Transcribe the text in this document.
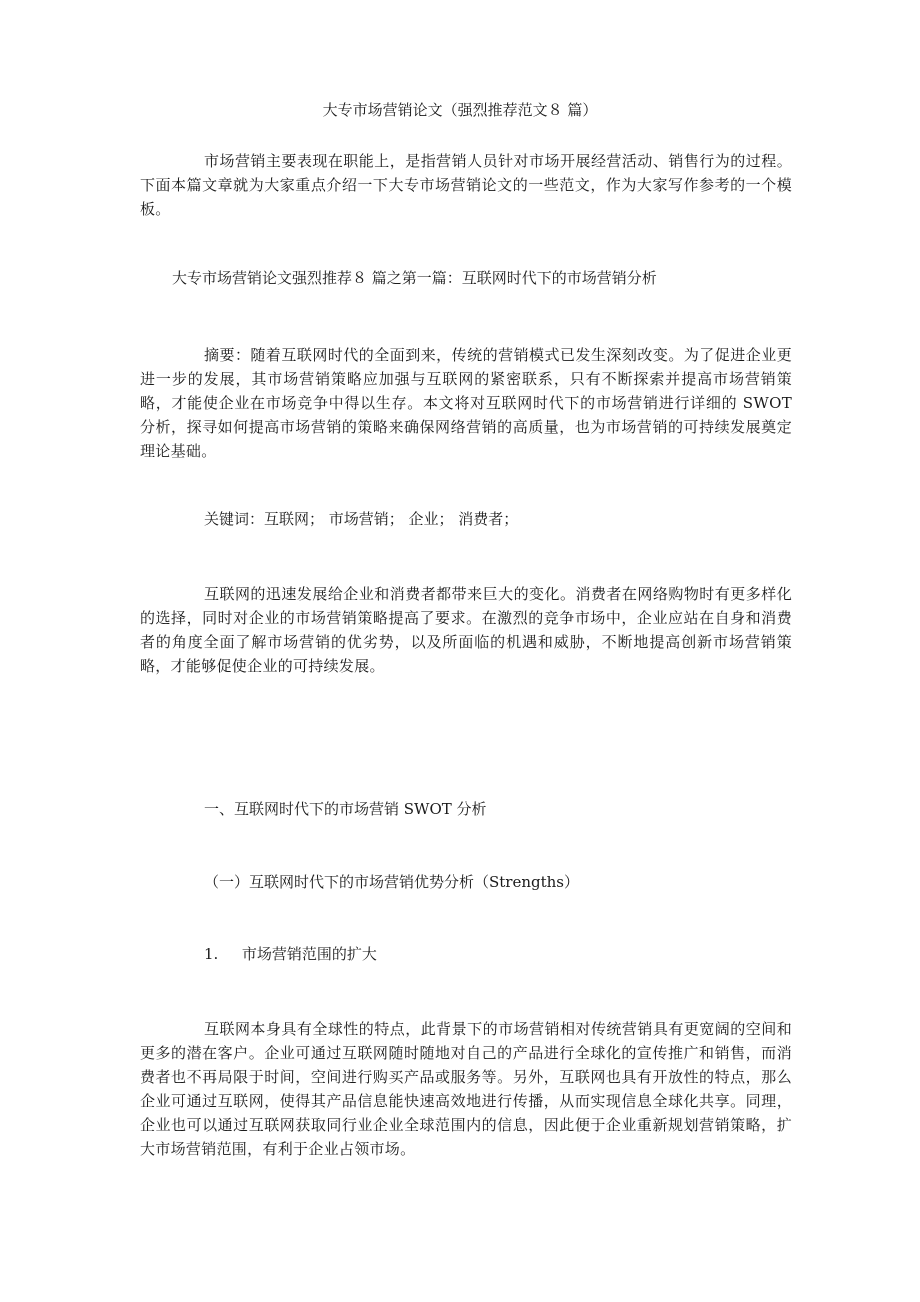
大专市场营销论文（强烈推荐范文８ 篇）
市场营销主要表现在职能上，是指营销人员针对市场开展经营活动、销售行为的过程。下面本篇文章就为大家重点介绍一下大专市场营销论文的一些范文，作为大家写作参考的一个模板。
大专市场营销论文强烈推荐８ 篇之第一篇：互联网时代下的市场营销分析
摘要：随着互联网时代的全面到来，传统的营销模式已发生深刻改变。为了促进企业更进一步的发展，其市场营销策略应加强与互联网的紧密联系，只有不断探索并提高市场营销策略，才能使企业在市场竞争中得以生存。本文将对互联网时代下的市场营销进行详细的 SWOT 分析，探寻如何提高市场营销的策略来确保网络营销的高质量，也为市场营销的可持续发展奠定理论基础。
关键词：互联网； 市场营销； 企业； 消费者；
互联网的迅速发展给企业和消费者都带来巨大的变化。消费者在网络购物时有更多样化的选择，同时对企业的市场营销策略提高了要求。在激烈的竞争市场中，企业应站在自身和消费者的角度全面了解市场营销的优劣势，以及所面临的机遇和威胁，不断地提高创新市场营销策略，才能够促使企业的可持续发展。
一、互联网时代下的市场营销 SWOT 分析
（一）互联网时代下的市场营销优势分析（Strengths）
1. 市场营销范围的扩大
互联网本身具有全球性的特点，此背景下的市场营销相对传统营销具有更宽阔的空间和更多的潜在客户。企业可通过互联网随时随地对自己的产品进行全球化的宣传推广和销售，而消费者也不再局限于时间，空间进行购买产品或服务等。另外，互联网也具有开放性的特点，那么企业可通过互联网，使得其产品信息能快速高效地进行传播，从而实现信息全球化共享。同理，企业也可以通过互联网获取同行业企业全球范围内的信息，因此便于企业重新规划营销策略，扩大市场营销范围，有利于企业占领市场。
